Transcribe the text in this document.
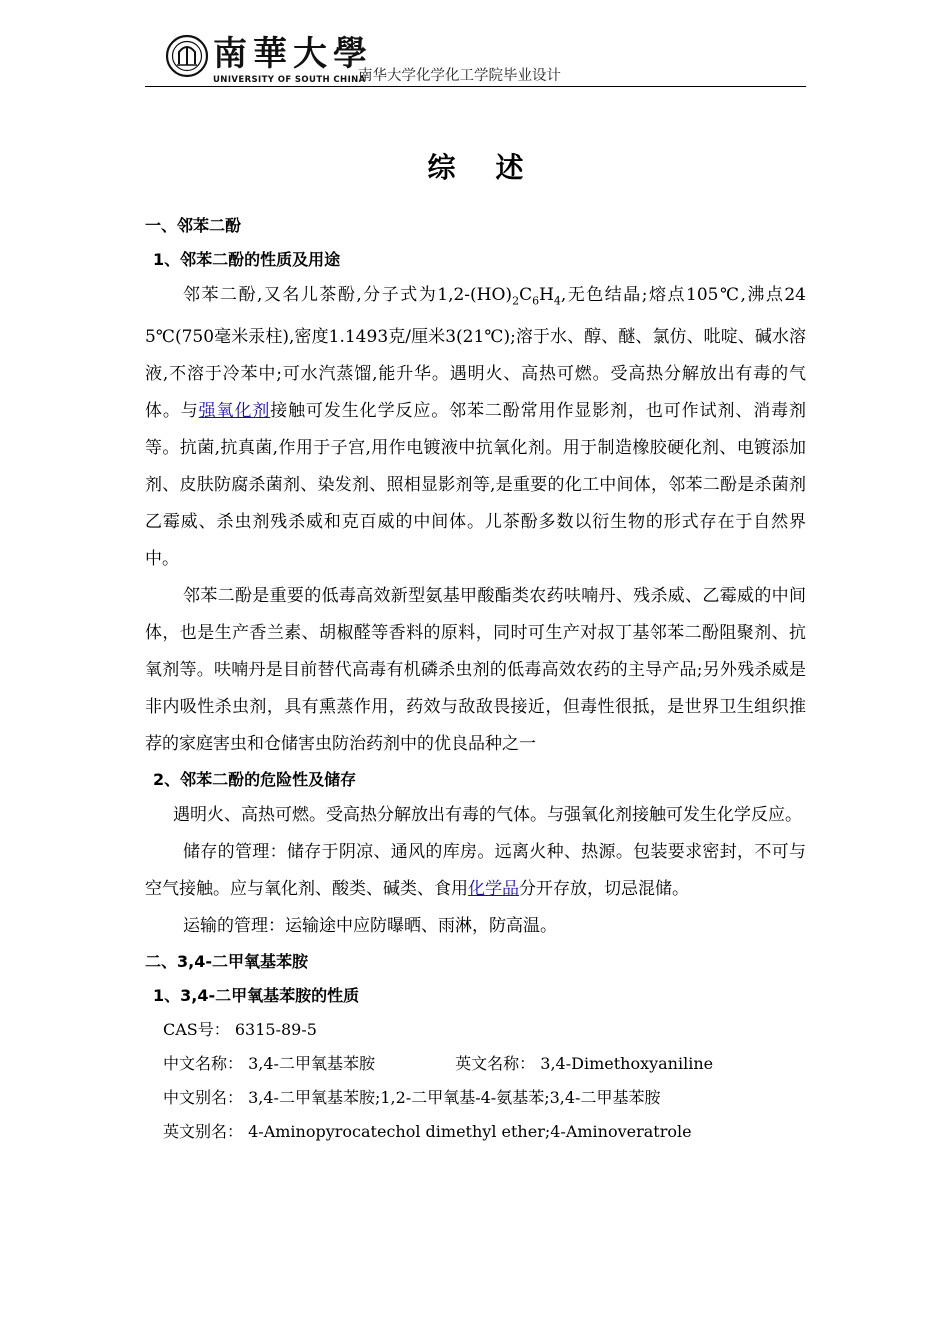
南華大學
UNIVERSITY OF SOUTH CHINA
南华大学化学化工学院毕业设计
综述

一、邻苯二酚

1、邻苯二酚的性质及用途

邻苯二酚,又名儿茶酚,分子式为$1,2-(HO)_2C_6H_4$,无色结晶;熔点105℃,沸点245℃(750毫米汞柱),密度1.1493克/厘米3(21℃);溶于水、醇、醚、氯仿、吡啶、碱水溶液,不溶于冷苯中;可水汽蒸馏,能升华。遇明火、高热可燃。受高热分解放出有毒的气体。与强氧化剂接触可发生化学反应。邻苯二酚常用作显影剂，也可作试剂、消毒剂等。抗菌,抗真菌,作用于子宫,用作电镀液中抗氧化剂。用于制造橡胶硬化剂、电镀添加剂、皮肤防腐杀菌剂、染发剂、照相显影剂等,是重要的化工中间体，邻苯二酚是杀菌剂乙霉威、杀虫剂残杀威和克百威的中间体。儿茶酚多数以衍生物的形式存在于自然界中。

邻苯二酚是重要的低毒高效新型氨基甲酸酯类农药呋喃丹、残杀威、乙霉威的中间体，也是生产香兰素、胡椒醛等香料的原料，同时可生产对叔丁基邻苯二酚阻聚剂、抗氧剂等。呋喃丹是目前替代高毒有机磷杀虫剂的低毒高效农药的主导产品;另外残杀威是非内吸性杀虫剂，具有熏蒸作用，药效与敌敌畏接近，但毒性很抵，是世界卫生组织推荐的家庭害虫和仓储害虫防治药剂中的优良品种之一

2、邻苯二酚的危险性及储存

遇明火、高热可燃。受高热分解放出有毒的气体。与强氧化剂接触可发生化学反应。

储存的管理：储存于阴凉、通风的库房。远离火种、热源。包装要求密封，不可与空气接触。应与氧化剂、酸类、碱类、食用化学品分开存放，切忌混储。

运输的管理：运输途中应防曝晒、雨淋，防高温。

二、3,4-二甲氧基苯胺

1、3,4-二甲氧基苯胺的性质

CAS号： 6315-89-5
中文名称： 3,4-二甲氧基苯胺	英文名称： 3,4-Dimethoxyaniline
中文别名： 3,4-二甲氧基苯胺;1,2-二甲氧基-4-氨基苯;3,4-二甲基苯胺
英文别名： 4-Aminopyrocatechol dimethyl ether;4-Aminoveratrole
